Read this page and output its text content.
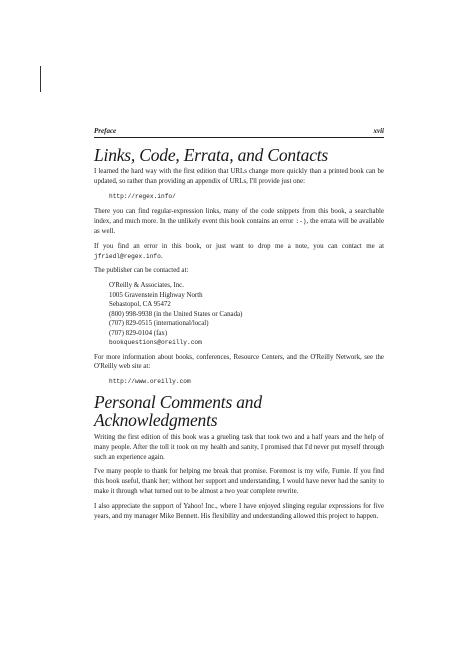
Preface	xvii
Links, Code, Errata, and Contacts

I learned the hard way with the first edition that URLs change more quickly than a printed book can be updated, so rather than providing an appendix of URLs, I'll provide just one:

http://regex.info/

There you can find regular-expression links, many of the code snippets from this book, a searchable index, and much more. In the unlikely event this book contains an error :-), the errata will be available as well.

If you find an error in this book, or just want to drop me a note, you can contact me at jfriedl@regex.info.

The publisher can be contacted at:

O'Reilly & Associates, Inc.
1005 Gravenstein Highway North
Sebastopol, CA 95472
(800) 998-9938 (in the United States or Canada)
(707) 829-0515 (international/local)
(707) 829-0104 (fax)
bookquestions@oreilly.com

For more information about books, conferences, Resource Centers, and the O'Reilly Network, see the O'Reilly web site at:

http://www.oreilly.com

Personal Comments and
Acknowledgments

Writing the first edition of this book was a grueling task that took two and a half years and the help of many people. After the toll it took on my health and sanity, I promised that I'd never put myself through such an experience again.

I've many people to thank for helping me break that promise. Foremost is my wife, Fumie. If you find this book useful, thank her; without her support and understanding, I would have never had the sanity to make it through what turned out to be almost a two year complete rewrite.

I also appreciate the support of Yahoo! Inc., where I have enjoyed slinging regular expressions for five years, and my manager Mike Bennett. His flexibility and understanding allowed this project to happen.
